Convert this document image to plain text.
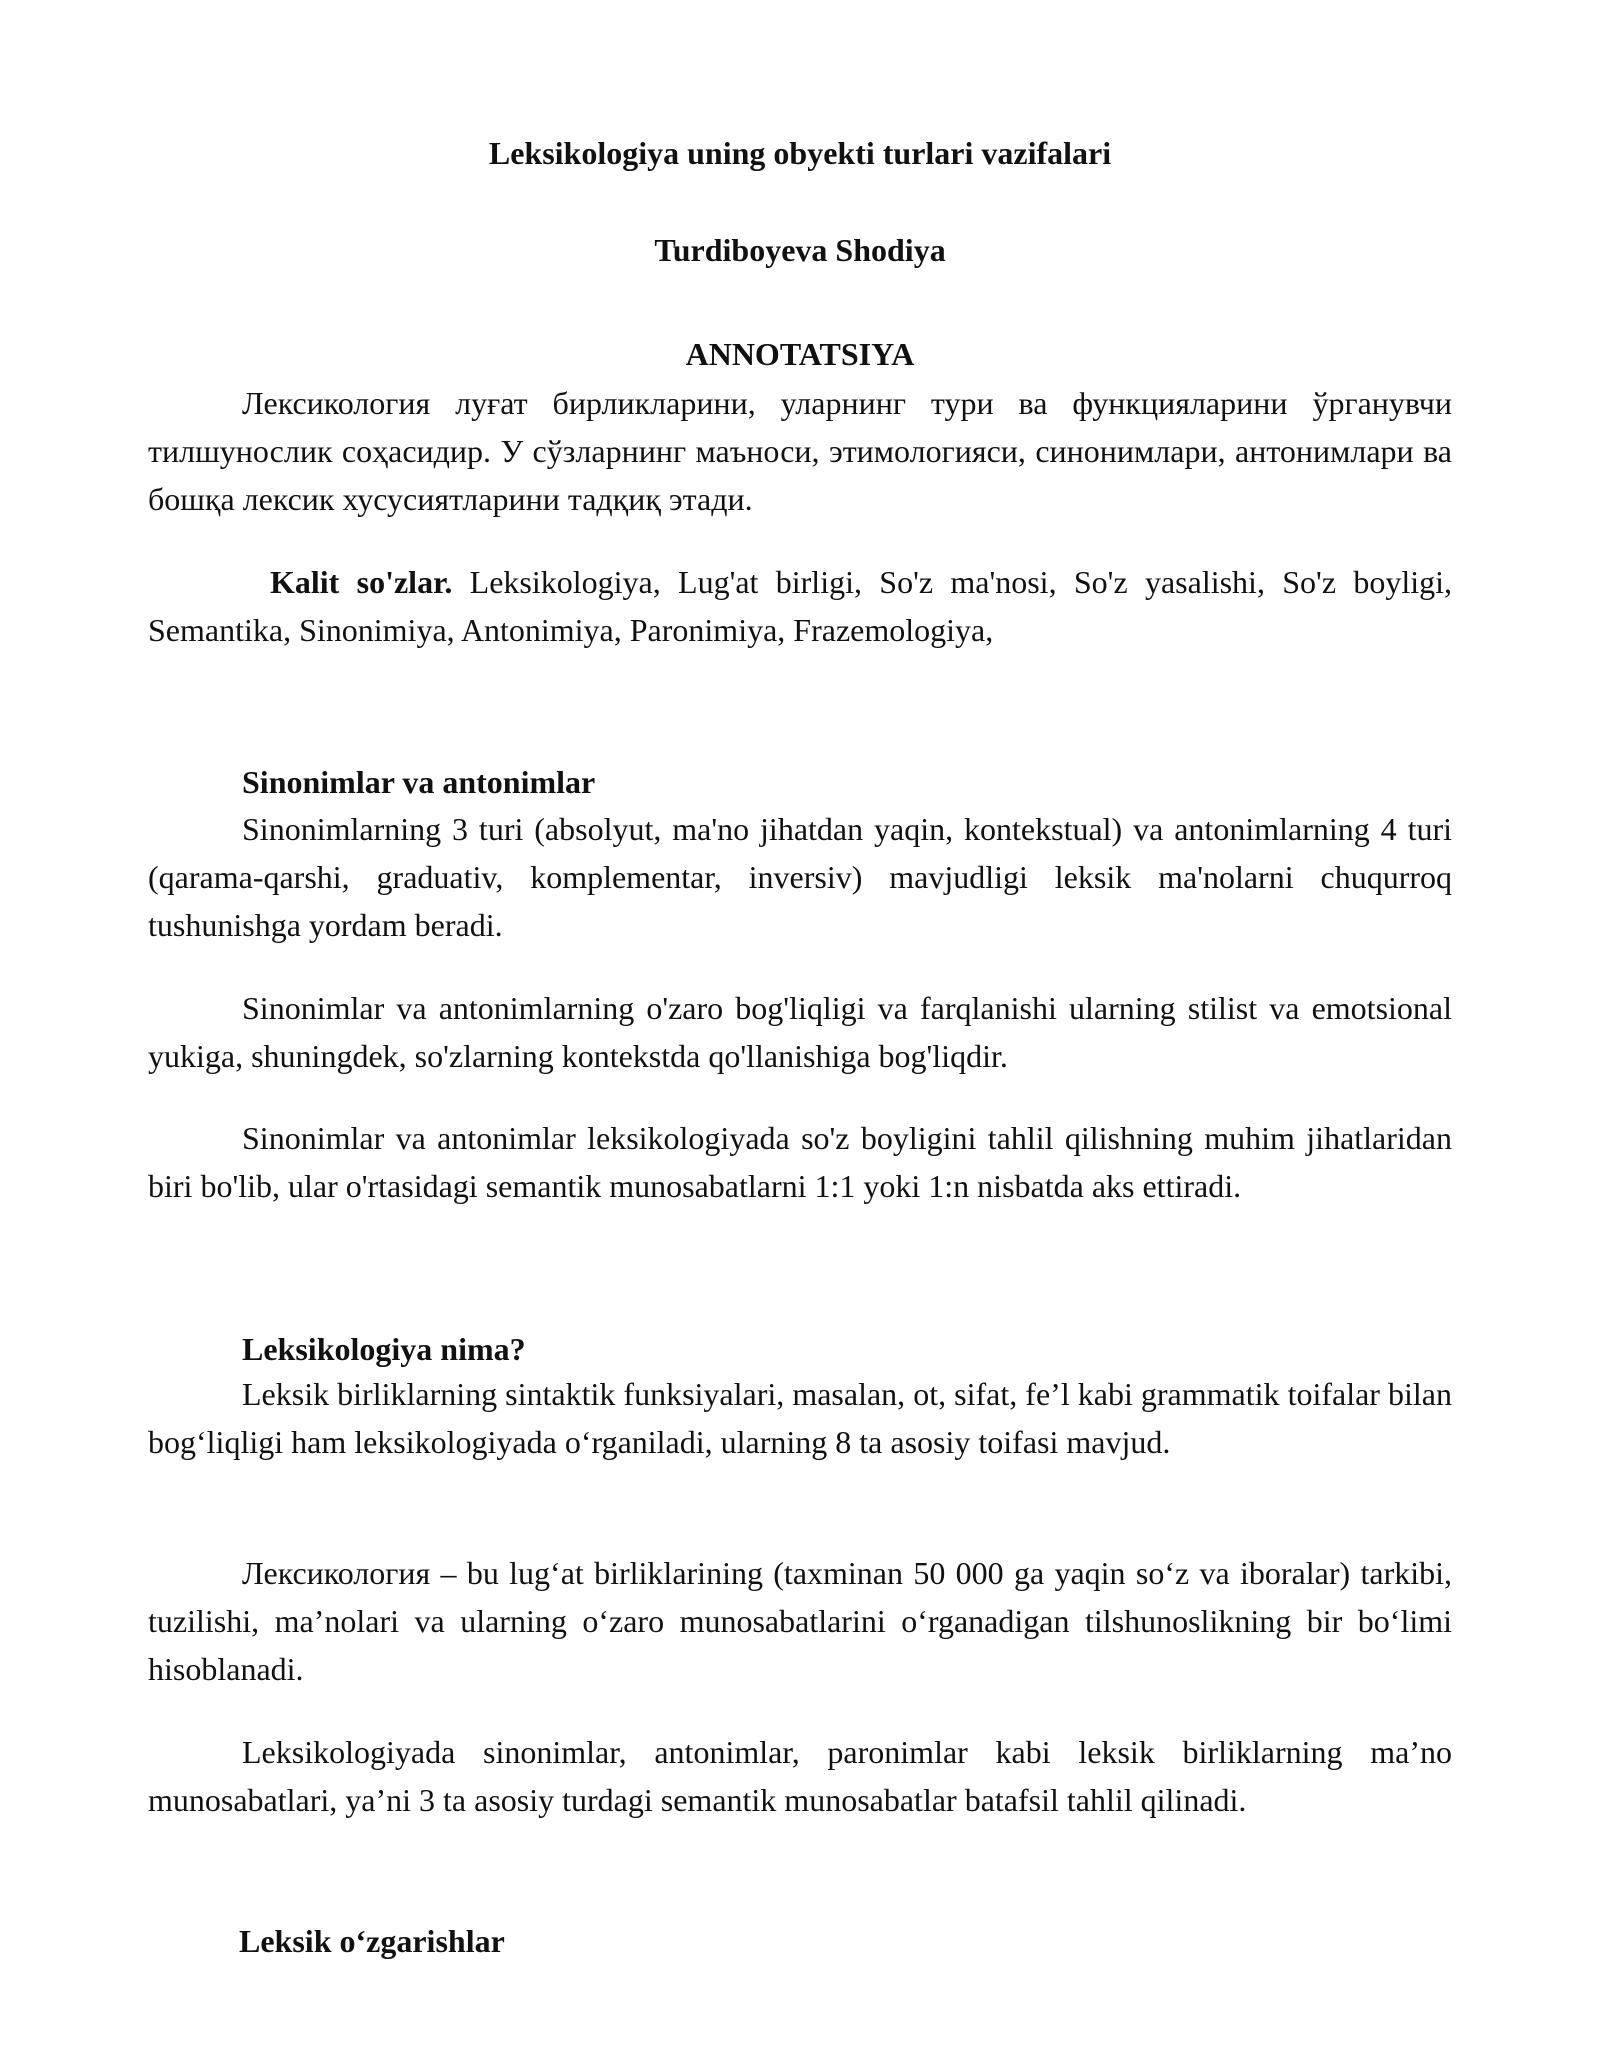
Leksikologiya uning obyekti turlari vazifalari
Turdiboyeva Shodiya
ANNOTATSIYA

Лексикология луғат бирликларини, уларнинг тури ва функцияларини ўрганувчи тилшунослик соҳасидир. У сўзларнинг маъноси, этимологияси, синонимлари, антонимлари ва бошқа лексик хусусиятларини тадқиқ этади.

Kalit so'zlar. Leksikologiya, Lug'at birligi, So'z ma'nosi, So'z yasalishi, So'z boyligi, Semantika, Sinonimiya, Antonimiya, Paronimiya, Frazemologiya,

Sinonimlar va antonimlar

Sinonimlarning 3 turi (absolyut, ma'no jihatdan yaqin, kontekstual) va antonimlarning 4 turi (qarama-qarshi, graduativ, komplementar, inversiv) mavjudligi leksik ma'nolarni chuqurroq tushunishga yordam beradi.

Sinonimlar va antonimlarning o'zaro bog'liqligi va farqlanishi ularning stilist va emotsional yukiga, shuningdek, so'zlarning kontekstda qo'llanishiga bog'liqdir.

Sinonimlar va antonimlar leksikologiyada so'z boyligini tahlil qilishning muhim jihatlaridan biri bo'lib, ular o'rtasidagi semantik munosabatlarni 1:1 yoki 1:n nisbatda aks ettiradi.

Leksikologiya nima?

Leksik birliklarning sintaktik funksiyalari, masalan, ot, sifat, fe’l kabi grammatik toifalar bilan bog‘liqligi ham leksikologiyada o‘rganiladi, ularning 8 ta asosiy toifasi mavjud.

Лексикология – bu lug‘at birliklarining (taxminan 50 000 ga yaqin so‘z va iboralar) tarkibi, tuzilishi, ma’nolari va ularning o‘zaro munosabatlarini o‘rganadigan tilshunoslikning bir bo‘limi hisoblanadi.

Leksikologiyada sinonimlar, antonimlar, paronimlar kabi leksik birliklarning ma’no munosabatlari, ya’ni 3 ta asosiy turdagi semantik munosabatlar batafsil tahlil qilinadi.

Leksik o‘zgarishlar
